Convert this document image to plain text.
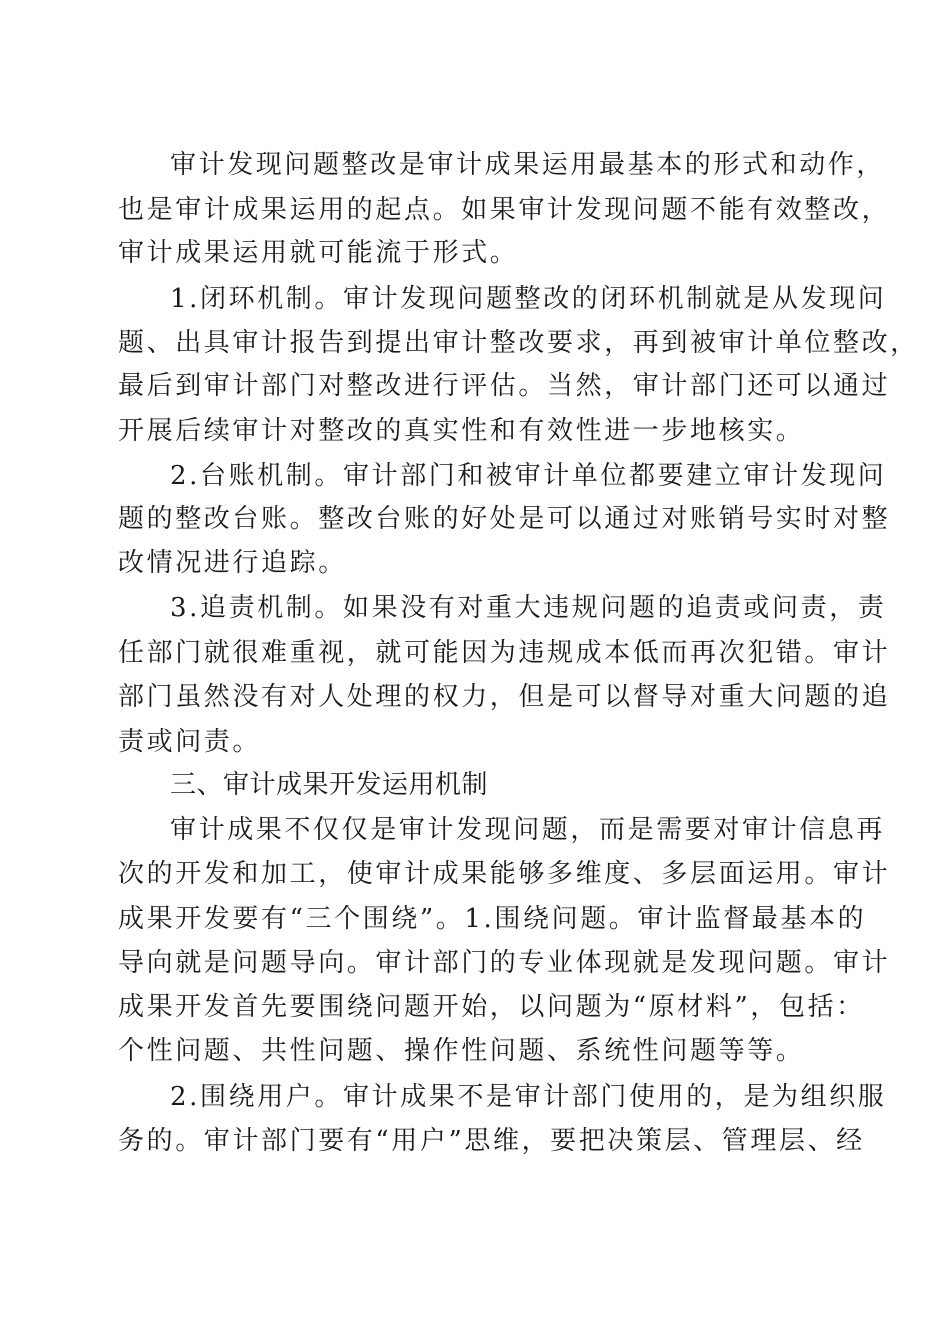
审计发现问题整改是审计成果运用最基本的形式和动作，
也是审计成果运用的起点。如果审计发现问题不能有效整改，
审计成果运用就可能流于形式。
1.闭环机制。审计发现问题整改的闭环机制就是从发现问
题、出具审计报告到提出审计整改要求，再到被审计单位整改，
最后到审计部门对整改进行评估。当然，审计部门还可以通过
开展后续审计对整改的真实性和有效性进一步地核实。
2.台账机制。审计部门和被审计单位都要建立审计发现问
题的整改台账。整改台账的好处是可以通过对账销号实时对整
改情况进行追踪。
3.追责机制。如果没有对重大违规问题的追责或问责，责
任部门就很难重视，就可能因为违规成本低而再次犯错。审计
部门虽然没有对人处理的权力，但是可以督导对重大问题的追
责或问责。
三、审计成果开发运用机制
审计成果不仅仅是审计发现问题，而是需要对审计信息再
次的开发和加工，使审计成果能够多维度、多层面运用。审计
成果开发要有“三个围绕”。1.围绕问题。审计监督最基本的
导向就是问题导向。审计部门的专业体现就是发现问题。审计
成果开发首先要围绕问题开始，以问题为“原材料”，包括：
个性问题、共性问题、操作性问题、系统性问题等等。
2.围绕用户。审计成果不是审计部门使用的，是为组织服
务的。审计部门要有“用户”思维，要把决策层、管理层、经
